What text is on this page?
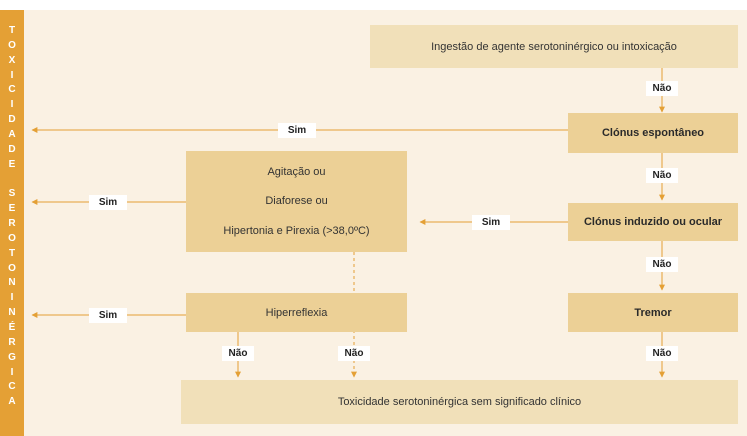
T
O
X
I
C
I
D
A
D
E
S
E
R
O
T
O
N
I
N
É
R
G
I
C
A
Ingestão de agente serotoninérgico ou intoxicação
Clónus espontâneo
Clónus induzido ou ocular
Tremor
Agitação ou
Diaforese ou
Hipertonia e Pirexia (>38,0ºC)
Hiperreflexia
Toxicidade serotoninérgica sem significado clínico
Não
Não
Não
Não
Não	Não
Sim
Sim
Sim
Sim
